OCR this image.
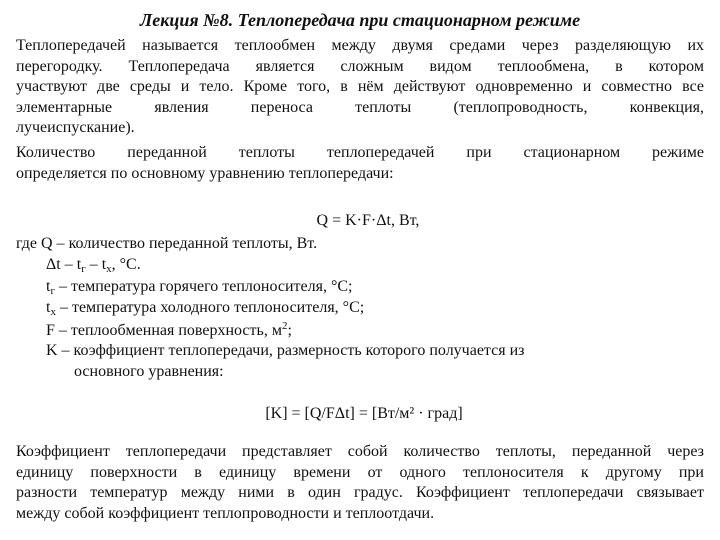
Лекция №8. Теплопередача при стационарном режиме
Теплопередачей называется теплообмен между двумя средами через разделяющую их
перегородку. Теплопередача является сложным видом теплообмена, в котором
участвуют две среды и тело. Кроме того, в нём действуют одновременно и совместно все
элементарные явления переноса теплоты (теплопроводность, конвекция,
лучеиспускание).
Количество переданной теплоты теплопередачей при стационарном режиме
определяется по основному уравнению теплопередачи:
Q = K·F·Δt, Вт,
где Q – количество переданной теплоты, Вт.
Δt – $t_г - t_х$, °С.
$t_г$ – температура горячего теплоносителя, °С;
$t_х$ – температура холодного теплоносителя, °С;
F – теплообменная поверхность, $м^2$;
K – коэффициент теплопередачи, размерность которого получается из
основного уравнения:
[K] = [Q/FΔt] = [Вт/м² · град]
Коэффициент теплопередачи представляет собой количество теплоты, переданной через
единицу поверхности в единицу времени от одного теплоносителя к другому при
разности температур между ними в один градус. Коэффициент теплопередачи связывает
между собой коэффициент теплопроводности и теплоотдачи.
